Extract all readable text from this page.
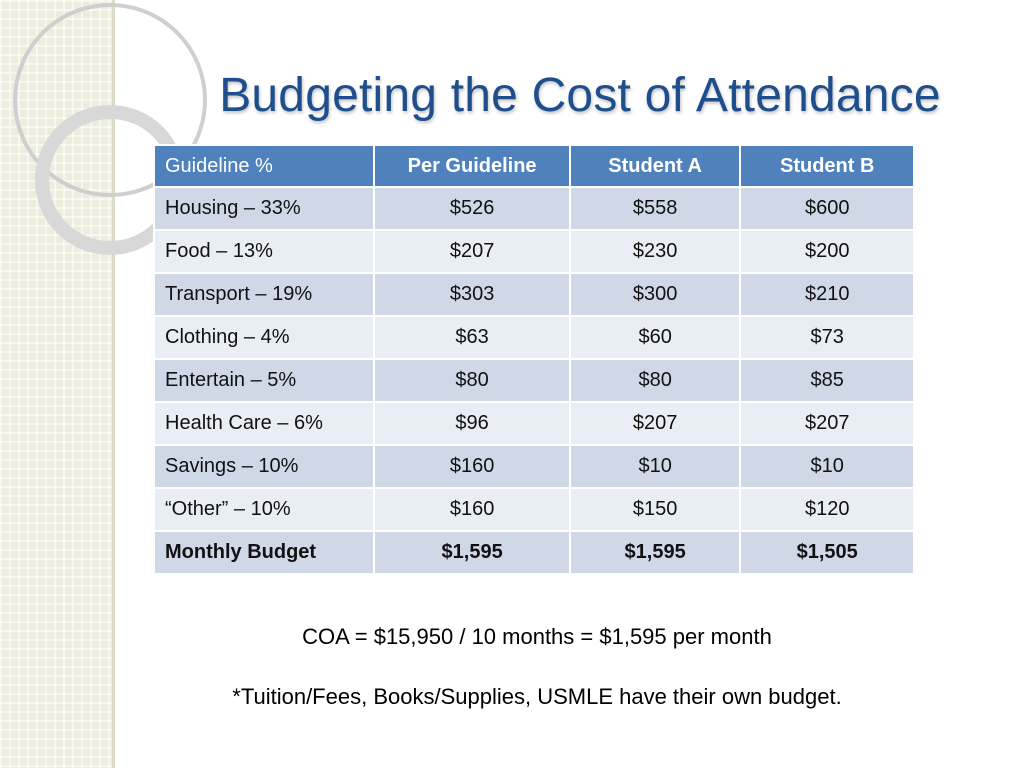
Budgeting the Cost of Attendance
Guideline %	Per Guideline	Student A	Student B
Housing – 33%	$526	$558	$600
Food – 13%	$207	$230	$200
Transport – 19%	$303	$300	$210
Clothing – 4%	$63	$60	$73
Entertain – 5%	$80	$80	$85
Health Care – 6%	$96	$207	$207
Savings – 10%	$160	$10	$10
“Other” – 10%	$160	$150	$120
Monthly Budget	$1,595	$1,595	$1,505
COA = $15,950 / 10 months = $1,595 per month
*Tuition/Fees, Books/Supplies, USMLE have their own budget.
